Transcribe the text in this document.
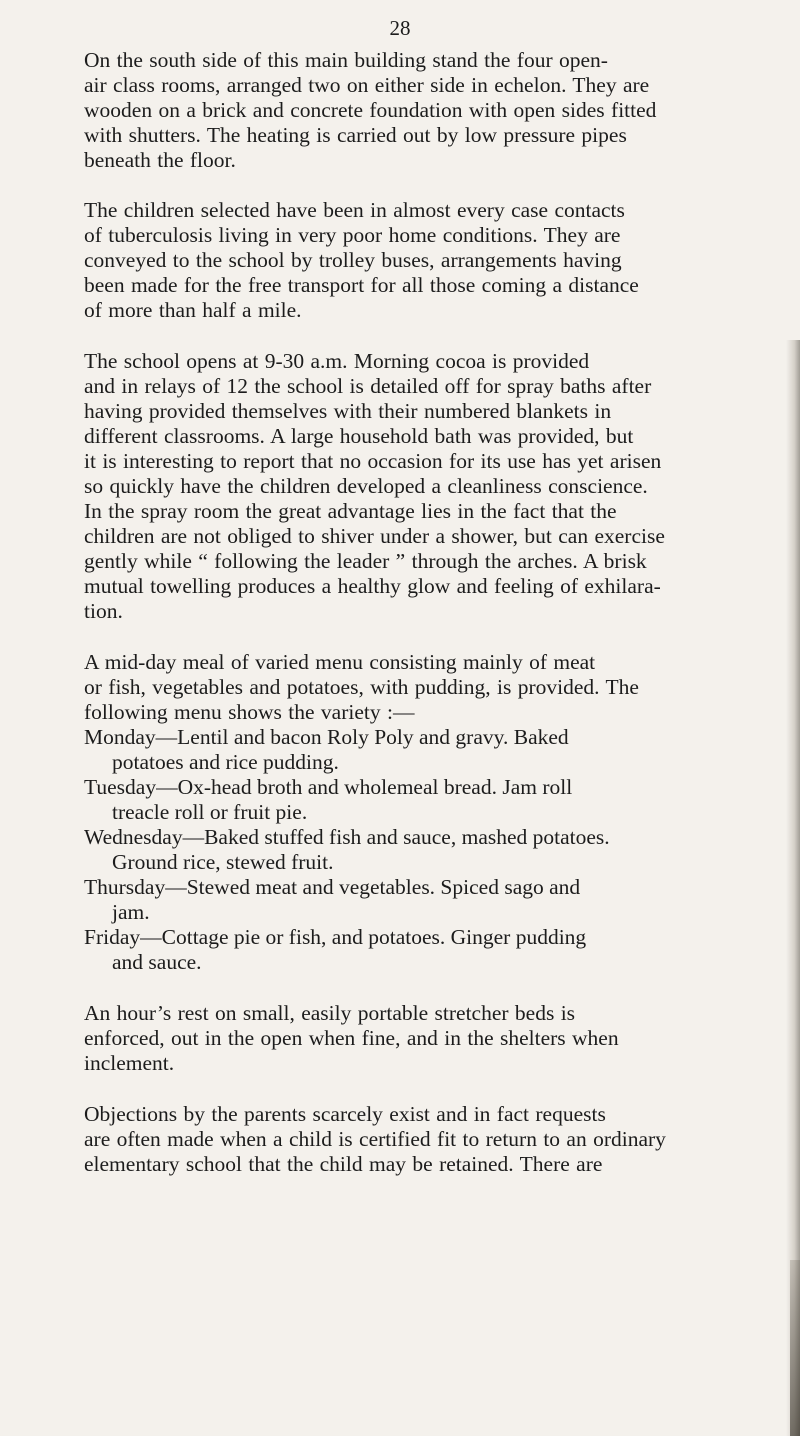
28

On the south side of this main building stand the four open-
air class rooms, arranged two on either side in echelon. They are
wooden on a brick and concrete foundation with open sides fitted
with shutters. The heating is carried out by low pressure pipes
beneath the floor.

The children selected have been in almost every case contacts
of tuberculosis living in very poor home conditions. They are
conveyed to the school by trolley buses, arrangements having
been made for the free transport for all those coming a distance
of more than half a mile.

The school opens at 9-30 a.m. Morning cocoa is provided
and in relays of 12 the school is detailed off for spray baths after
having provided themselves with their numbered blankets in
different classrooms. A large household bath was provided, but
it is interesting to report that no occasion for its use has yet arisen
so quickly have the children developed a cleanliness conscience.
In the spray room the great advantage lies in the fact that the
children are not obliged to shiver under a shower, but can exercise
gently while “ following the leader ” through the arches. A brisk
mutual towelling produces a healthy glow and feeling of exhilara-
tion.

A mid-day meal of varied menu consisting mainly of meat
or fish, vegetables and potatoes, with pudding, is provided. The
following menu shows the variety :—

Monday—Lentil and bacon Roly Poly and gravy. Baked
potatoes and rice pudding.
Tuesday—Ox-head broth and wholemeal bread. Jam roll
treacle roll or fruit pie.
Wednesday—Baked stuffed fish and sauce, mashed potatoes.
Ground rice, stewed fruit.
Thursday—Stewed meat and vegetables. Spiced sago and
jam.
Friday—Cottage pie or fish, and potatoes. Ginger pudding
and sauce.

An hour’s rest on small, easily portable stretcher beds is
enforced, out in the open when fine, and in the shelters when
inclement.

Objections by the parents scarcely exist and in fact requests
are often made when a child is certified fit to return to an ordinary
elementary school that the child may be retained. There are
